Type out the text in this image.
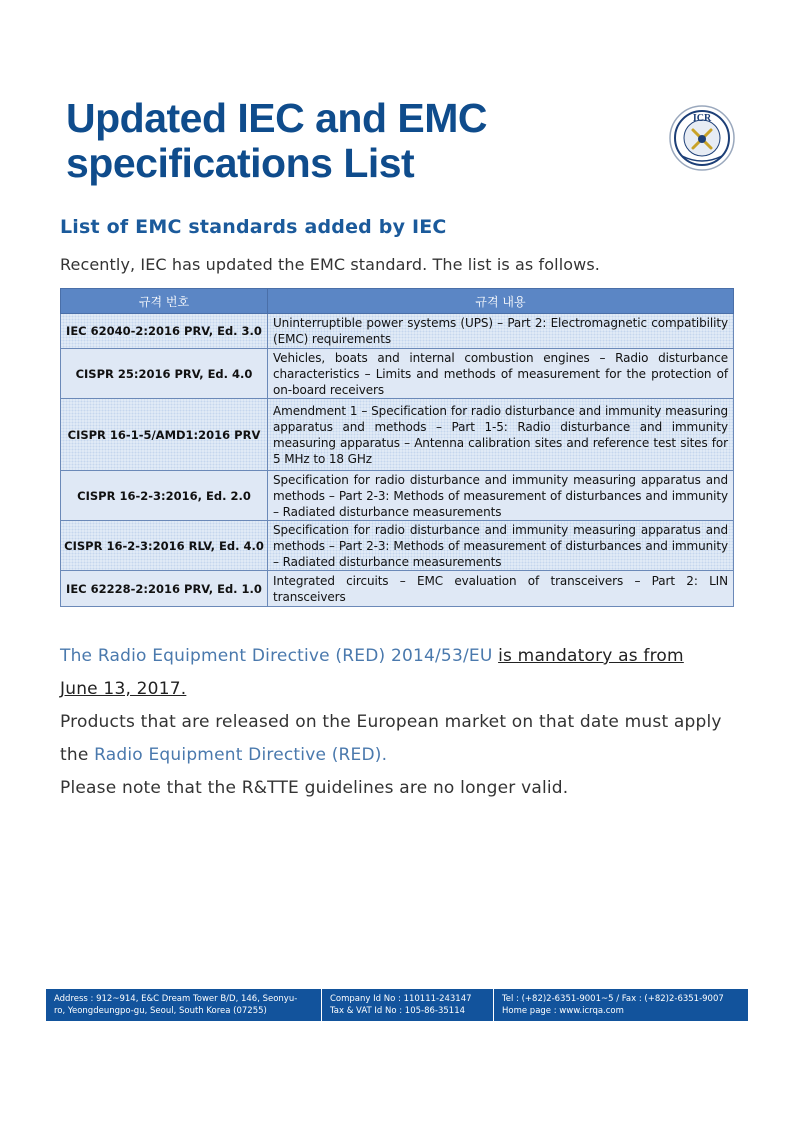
Updated IEC and EMC
specifications List
ICR
List of EMC standards added by IEC
Recently, IEC has updated the EMC standard. The list is as follows.
규격 번호	규격 내용
IEC 62040-2:2016 PRV, Ed. 3.0	Uninterruptible power systems (UPS) – Part 2: Electromagnetic compatibility (EMC) requirements
CISPR 25:2016 PRV, Ed. 4.0	Vehicles, boats and internal combustion engines – Radio disturbance characteristics – Limits and methods of measurement for the protection of on-board receivers
CISPR 16-1-5/AMD1:2016 PRV	Amendment 1 – Specification for radio disturbance and immunity measuring apparatus and methods – Part 1-5: Radio disturbance and immunity measuring apparatus – Antenna calibration sites and reference test sites for 5 MHz to 18 GHz
CISPR 16-2-3:2016, Ed. 2.0	Specification for radio disturbance and immunity measuring apparatus and methods – Part 2-3: Methods of measurement of disturbances and immunity – Radiated disturbance measurements
CISPR 16-2-3:2016 RLV, Ed. 4.0	Specification for radio disturbance and immunity measuring apparatus and methods – Part 2-3: Methods of measurement of disturbances and immunity – Radiated disturbance measurements
IEC 62228-2:2016 PRV, Ed. 1.0	Integrated circuits – EMC evaluation of transceivers – Part 2: LIN transceivers
The Radio Equipment Directive (RED) 2014/53/EU is mandatory as from
June 13, 2017.
Products that are released on the European market on that date must apply
the Radio Equipment Directive (RED).
Please note that the R&TTE guidelines are no longer valid.
Address : 912~914, E&C Dream Tower B/D, 146, Seonyu-
ro, Yeongdeungpo-gu, Seoul, South Korea (07255)
Company Id No : 110111-243147
Tax & VAT Id No : 105-86-35114
Tel : (+82)2-6351-9001~5 / Fax : (+82)2-6351-9007
Home page : www.icrqa.com
